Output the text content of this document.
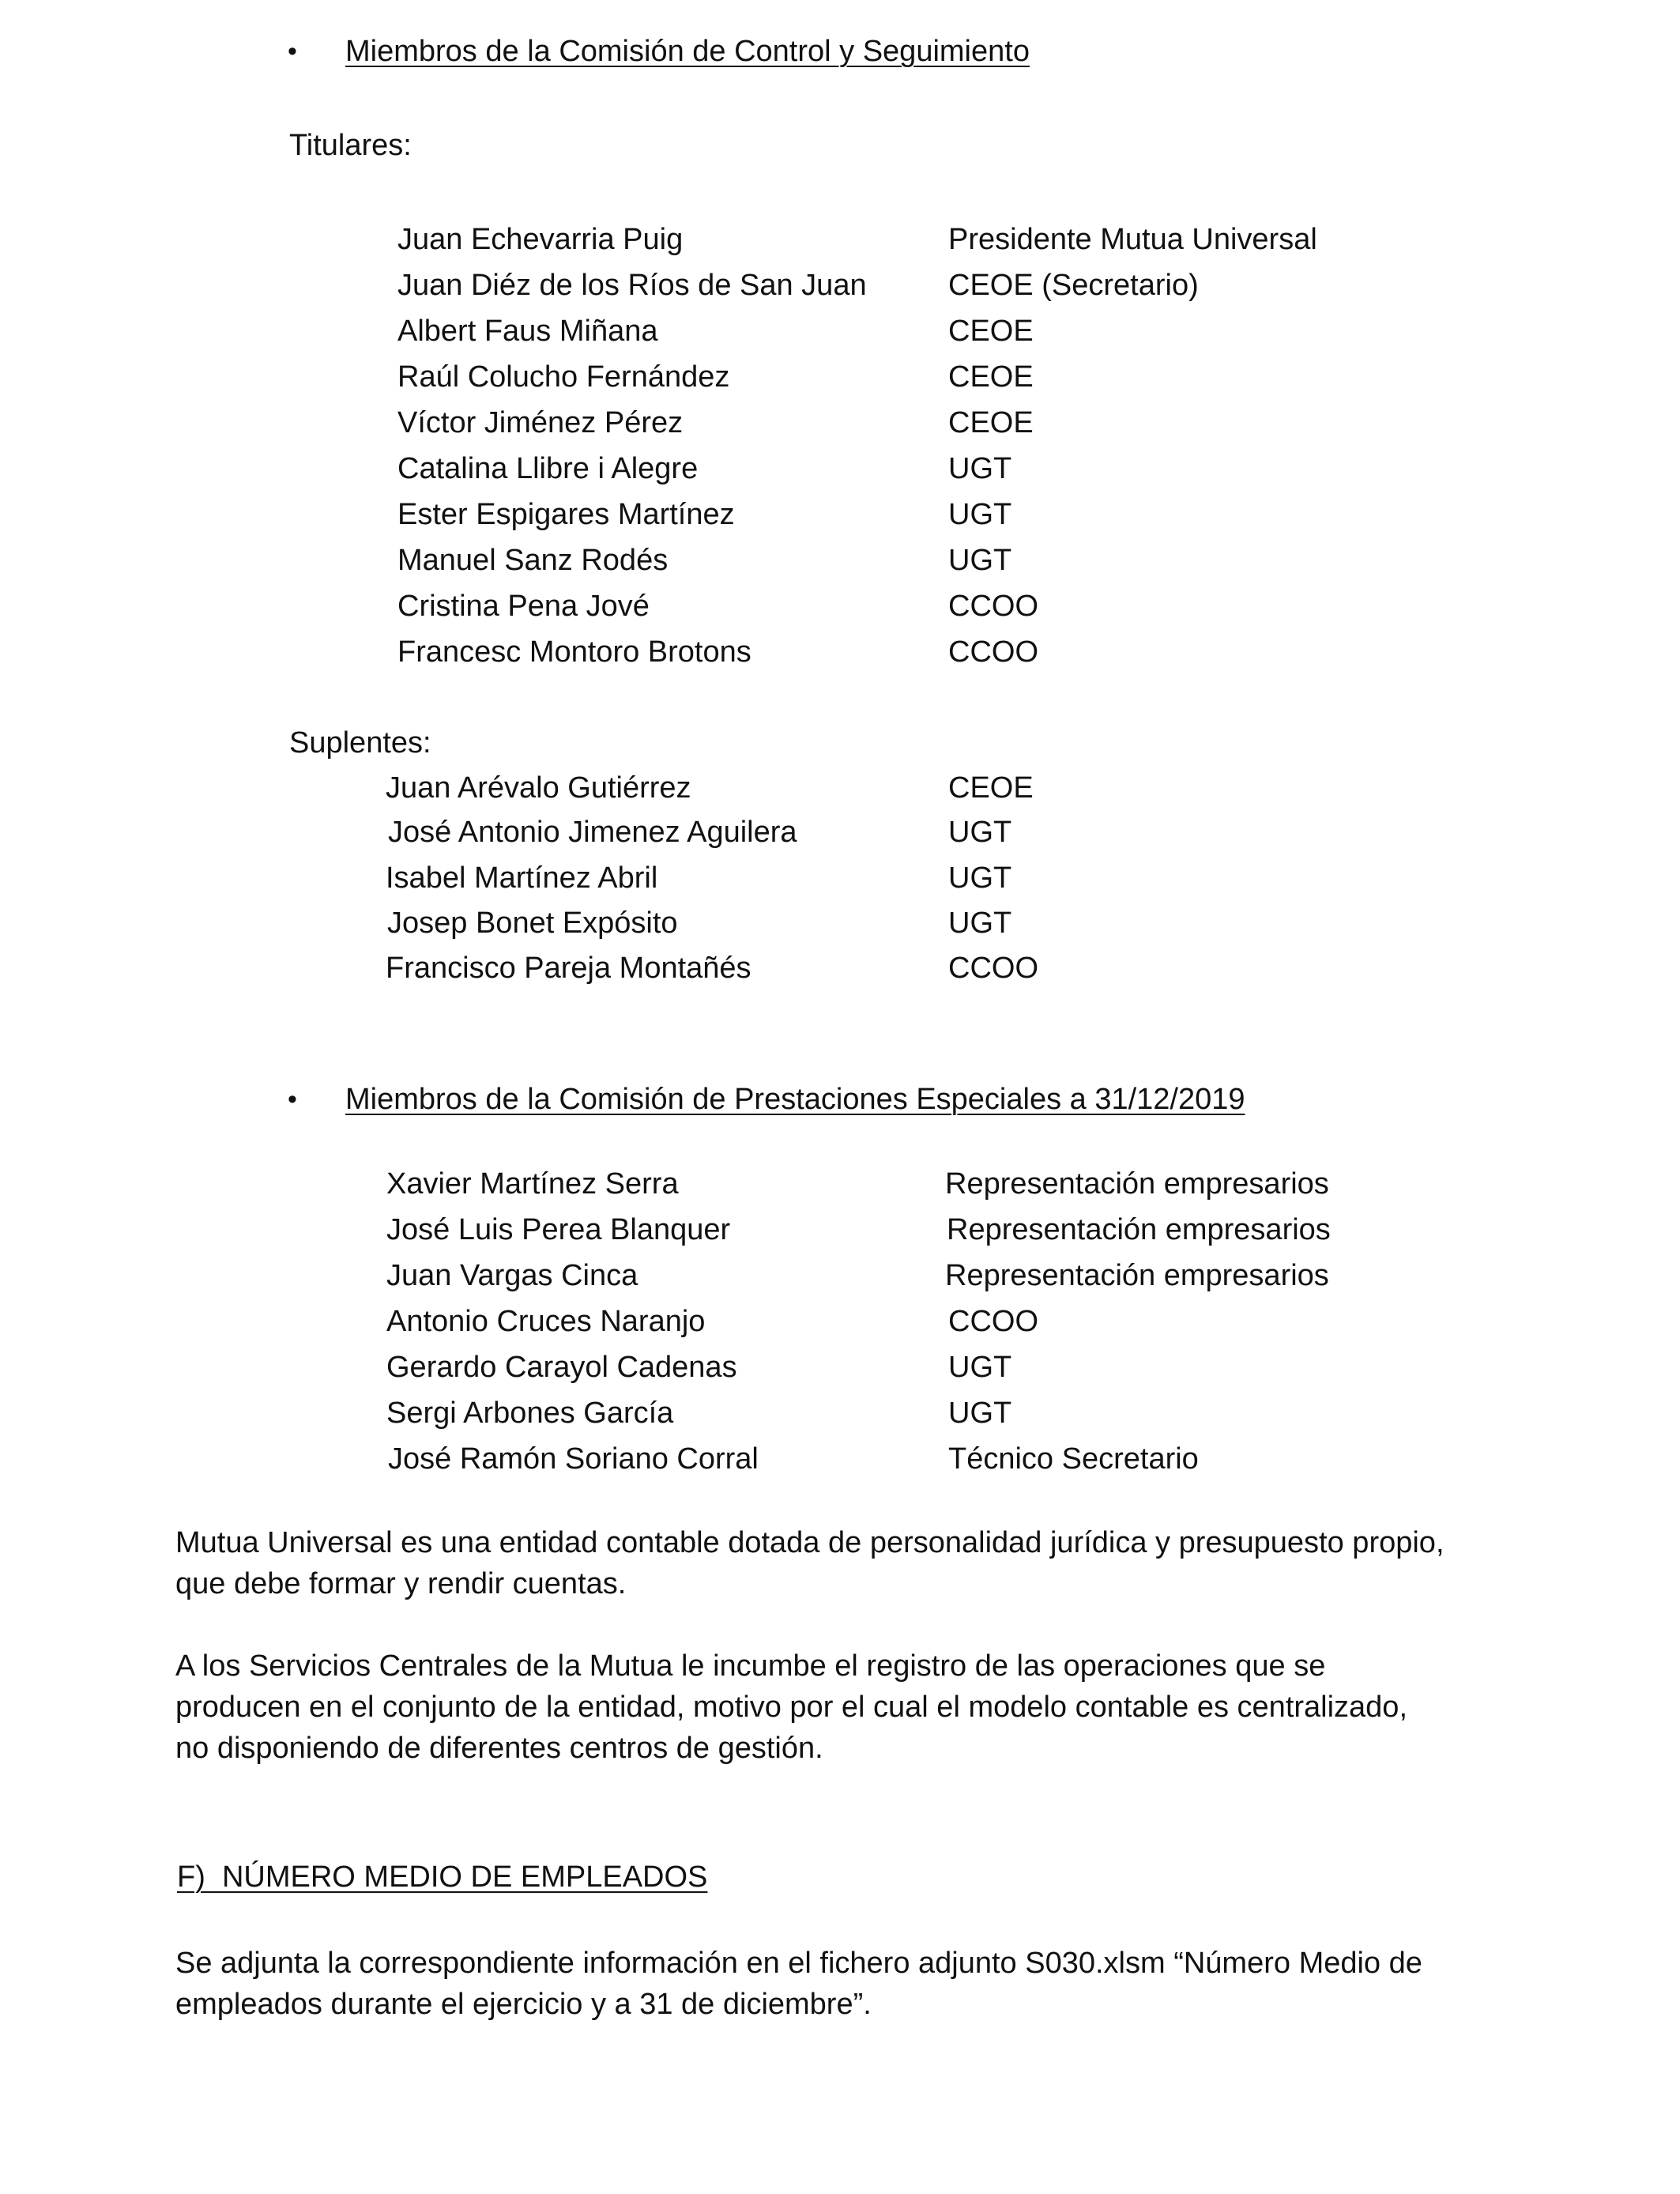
• Miembros de la Comisión de Control y Seguimiento
Titulares:
Juan Echevarria Puig	Presidente Mutua Universal
Juan Diéz de los Ríos de San Juan	CEOE (Secretario)
Albert Faus Miñana	CEOE
Raúl Colucho Fernández	CEOE
Víctor Jiménez Pérez	CEOE
Catalina Llibre i Alegre	UGT
Ester Espigares Martínez	UGT
Manuel Sanz Rodés	UGT
Cristina Pena Jové	CCOO
Francesc Montoro Brotons	CCOO
Suplentes:
Juan Arévalo Gutiérrez	CEOE
José Antonio Jimenez Aguilera	UGT
Isabel Martínez Abril	UGT
Josep Bonet Expósito	UGT
Francisco Pareja Montañés	CCOO
• Miembros de la Comisión de Prestaciones Especiales a 31/12/2019
Xavier Martínez Serra	Representación empresarios
José Luis Perea Blanquer	Representación empresarios
Juan Vargas Cinca	Representación empresarios
Antonio Cruces Naranjo	CCOO
Gerardo Carayol Cadenas	UGT
Sergi Arbones García	UGT
José Ramón Soriano Corral	Técnico Secretario

Mutua Universal es una entidad contable dotada de personalidad jurídica y presupuesto propio,

que debe formar y rendir cuentas.

A los Servicios Centrales de la Mutua le incumbe el registro de las operaciones que se

producen en el conjunto de la entidad, motivo por el cual el modelo contable es centralizado,

no disponiendo de diferentes centros de gestión.

F)  NÚMERO MEDIO DE EMPLEADOS

Se adjunta la correspondiente información en el fichero adjunto S030.xlsm “Número Medio de

empleados durante el ejercicio y a 31 de diciembre”.
